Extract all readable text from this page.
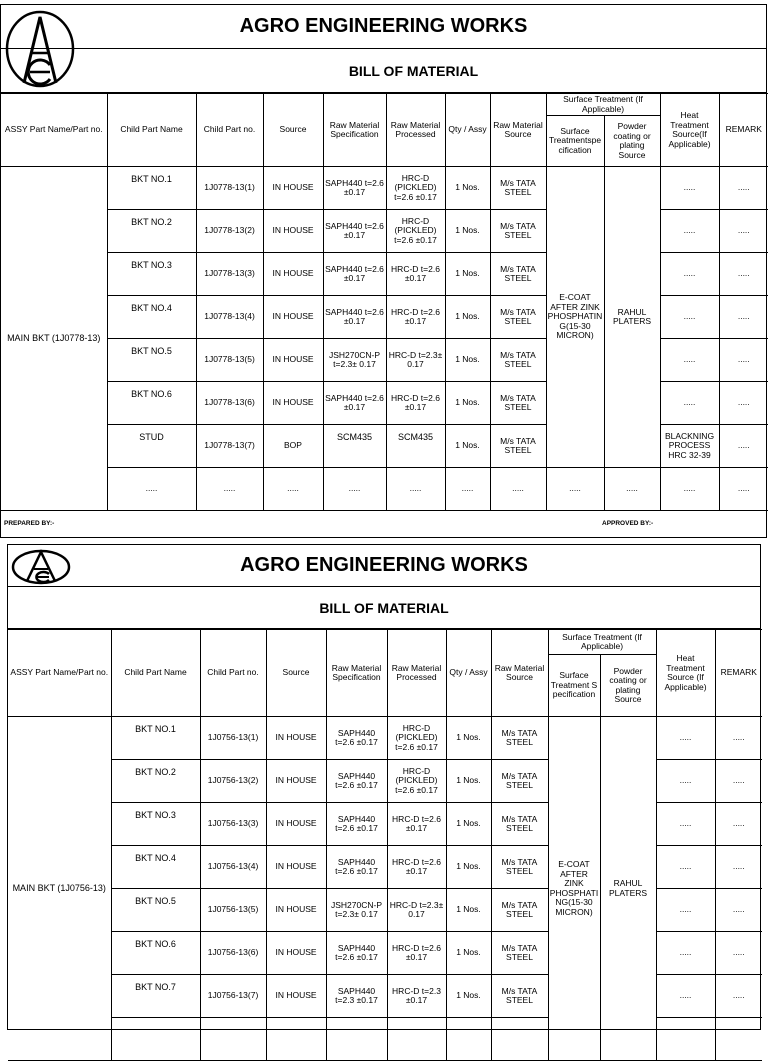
AGRO ENGINEERING WORKS
BILL OF MATERIAL
ASSY Part Name/Part no.	Child Part Name	Child Part no.	Source	Raw Material Specification	Raw Material Processed	Qty / Assy	Raw Material Source	Surface Treatment (If Applicable)		Heat Treatment Source(If Applicable)	REMARK
								Surface Treatmentspe cification	Powder coating or plating Source		
MAIN BKT (1J0778-13)	BKT NO.1	1J0778-13(1)	IN HOUSE	SAPH440 t=2.6 ±0.17	HRC-D (PICKLED) t=2.6 ±0.17	1 Nos.	M/s TATA STEEL	E-COAT AFTER ZINK PHOSPHATIN G(15-30 MICRON)	RAHUL PLATERS	.....	.....
	BKT NO.2	1J0778-13(2)	IN HOUSE	SAPH440 t=2.6 ±0.17	HRC-D (PICKLED) t=2.6 ±0.17	1 Nos.	M/s TATA STEEL			.....	.....
	BKT NO.3	1J0778-13(3)	IN HOUSE	SAPH440 t=2.6 ±0.17	HRC-D t=2.6 ±0.17	1 Nos.	M/s TATA STEEL			.....	.....
	BKT NO.4	1J0778-13(4)	IN HOUSE	SAPH440 t=2.6 ±0.17	HRC-D t=2.6 ±0.17	1 Nos.	M/s TATA STEEL			.....	.....
	BKT NO.5	1J0778-13(5)	IN HOUSE	JSH270CN-P t=2.3± 0.17	HRC-D t=2.3± 0.17	1 Nos.	M/s TATA STEEL			.....	.....
	BKT NO.6	1J0778-13(6)	IN HOUSE	SAPH440 t=2.6 ±0.17	HRC-D t=2.6 ±0.17	1 Nos.	M/s TATA STEEL			.....	.....
	STUD	1J0778-13(7)	BOP	SCM435	SCM435	1 Nos.	M/s TATA STEEL			BLACKNING PROCESS HRC 32-39	.....
	.....	.....	.....	.....	.....	.....	.....	.....	.....	.....	.....
PREPARED BY:-	APPROVED BY:-
AGRO ENGINEERING WORKS
BILL OF MATERIAL
ASSY Part Name/Part no.	Child Part Name	Child Part no.	Source	Raw Material Specification	Raw Material Processed	Qty / Assy	Raw Material Source	Surface Treatment (If Applicable)		Heat Treatment Source (If Applicable)	REMARK
								Surface Treatment S pecification	Powder coating or plating Source		
MAIN BKT (1J0756-13)	BKT NO.1	1J0756-13(1)	IN HOUSE	SAPH440 t=2.6 ±0.17	HRC-D (PICKLED) t=2.6 ±0.17	1 Nos.	M/s TATA STEEL	E-COAT AFTER ZINK PHOSPHATI NG(15-30 MICRON)	RAHUL PLATERS	.....	.....
	BKT NO.2	1J0756-13(2)	IN HOUSE	SAPH440 t=2.6 ±0.17	HRC-D (PICKLED) t=2.6 ±0.17	1 Nos.	M/s TATA STEEL			.....	.....
	BKT NO.3	1J0756-13(3)	IN HOUSE	SAPH440 t=2.6 ±0.17	HRC-D t=2.6 ±0.17	1 Nos.	M/s TATA STEEL			.....	.....
	BKT NO.4	1J0756-13(4)	IN HOUSE	SAPH440 t=2.6 ±0.17	HRC-D t=2.6 ±0.17	1 Nos.	M/s TATA STEEL			.....	.....
	BKT NO.5	1J0756-13(5)	IN HOUSE	JSH270CN-P t=2.3± 0.17	HRC-D t=2.3± 0.17	1 Nos.	M/s TATA STEEL			.....	.....
	BKT NO.6	1J0756-13(6)	IN HOUSE	SAPH440 t=2.6 ±0.17	HRC-D t=2.6 ±0.17	1 Nos.	M/s TATA STEEL			.....	.....
	BKT NO.7	1J0756-13(7)	IN HOUSE	SAPH440 t=2.3 ±0.17	HRC-D t=2.3 ±0.17	1 Nos.	M/s TATA STEEL			.....	.....
